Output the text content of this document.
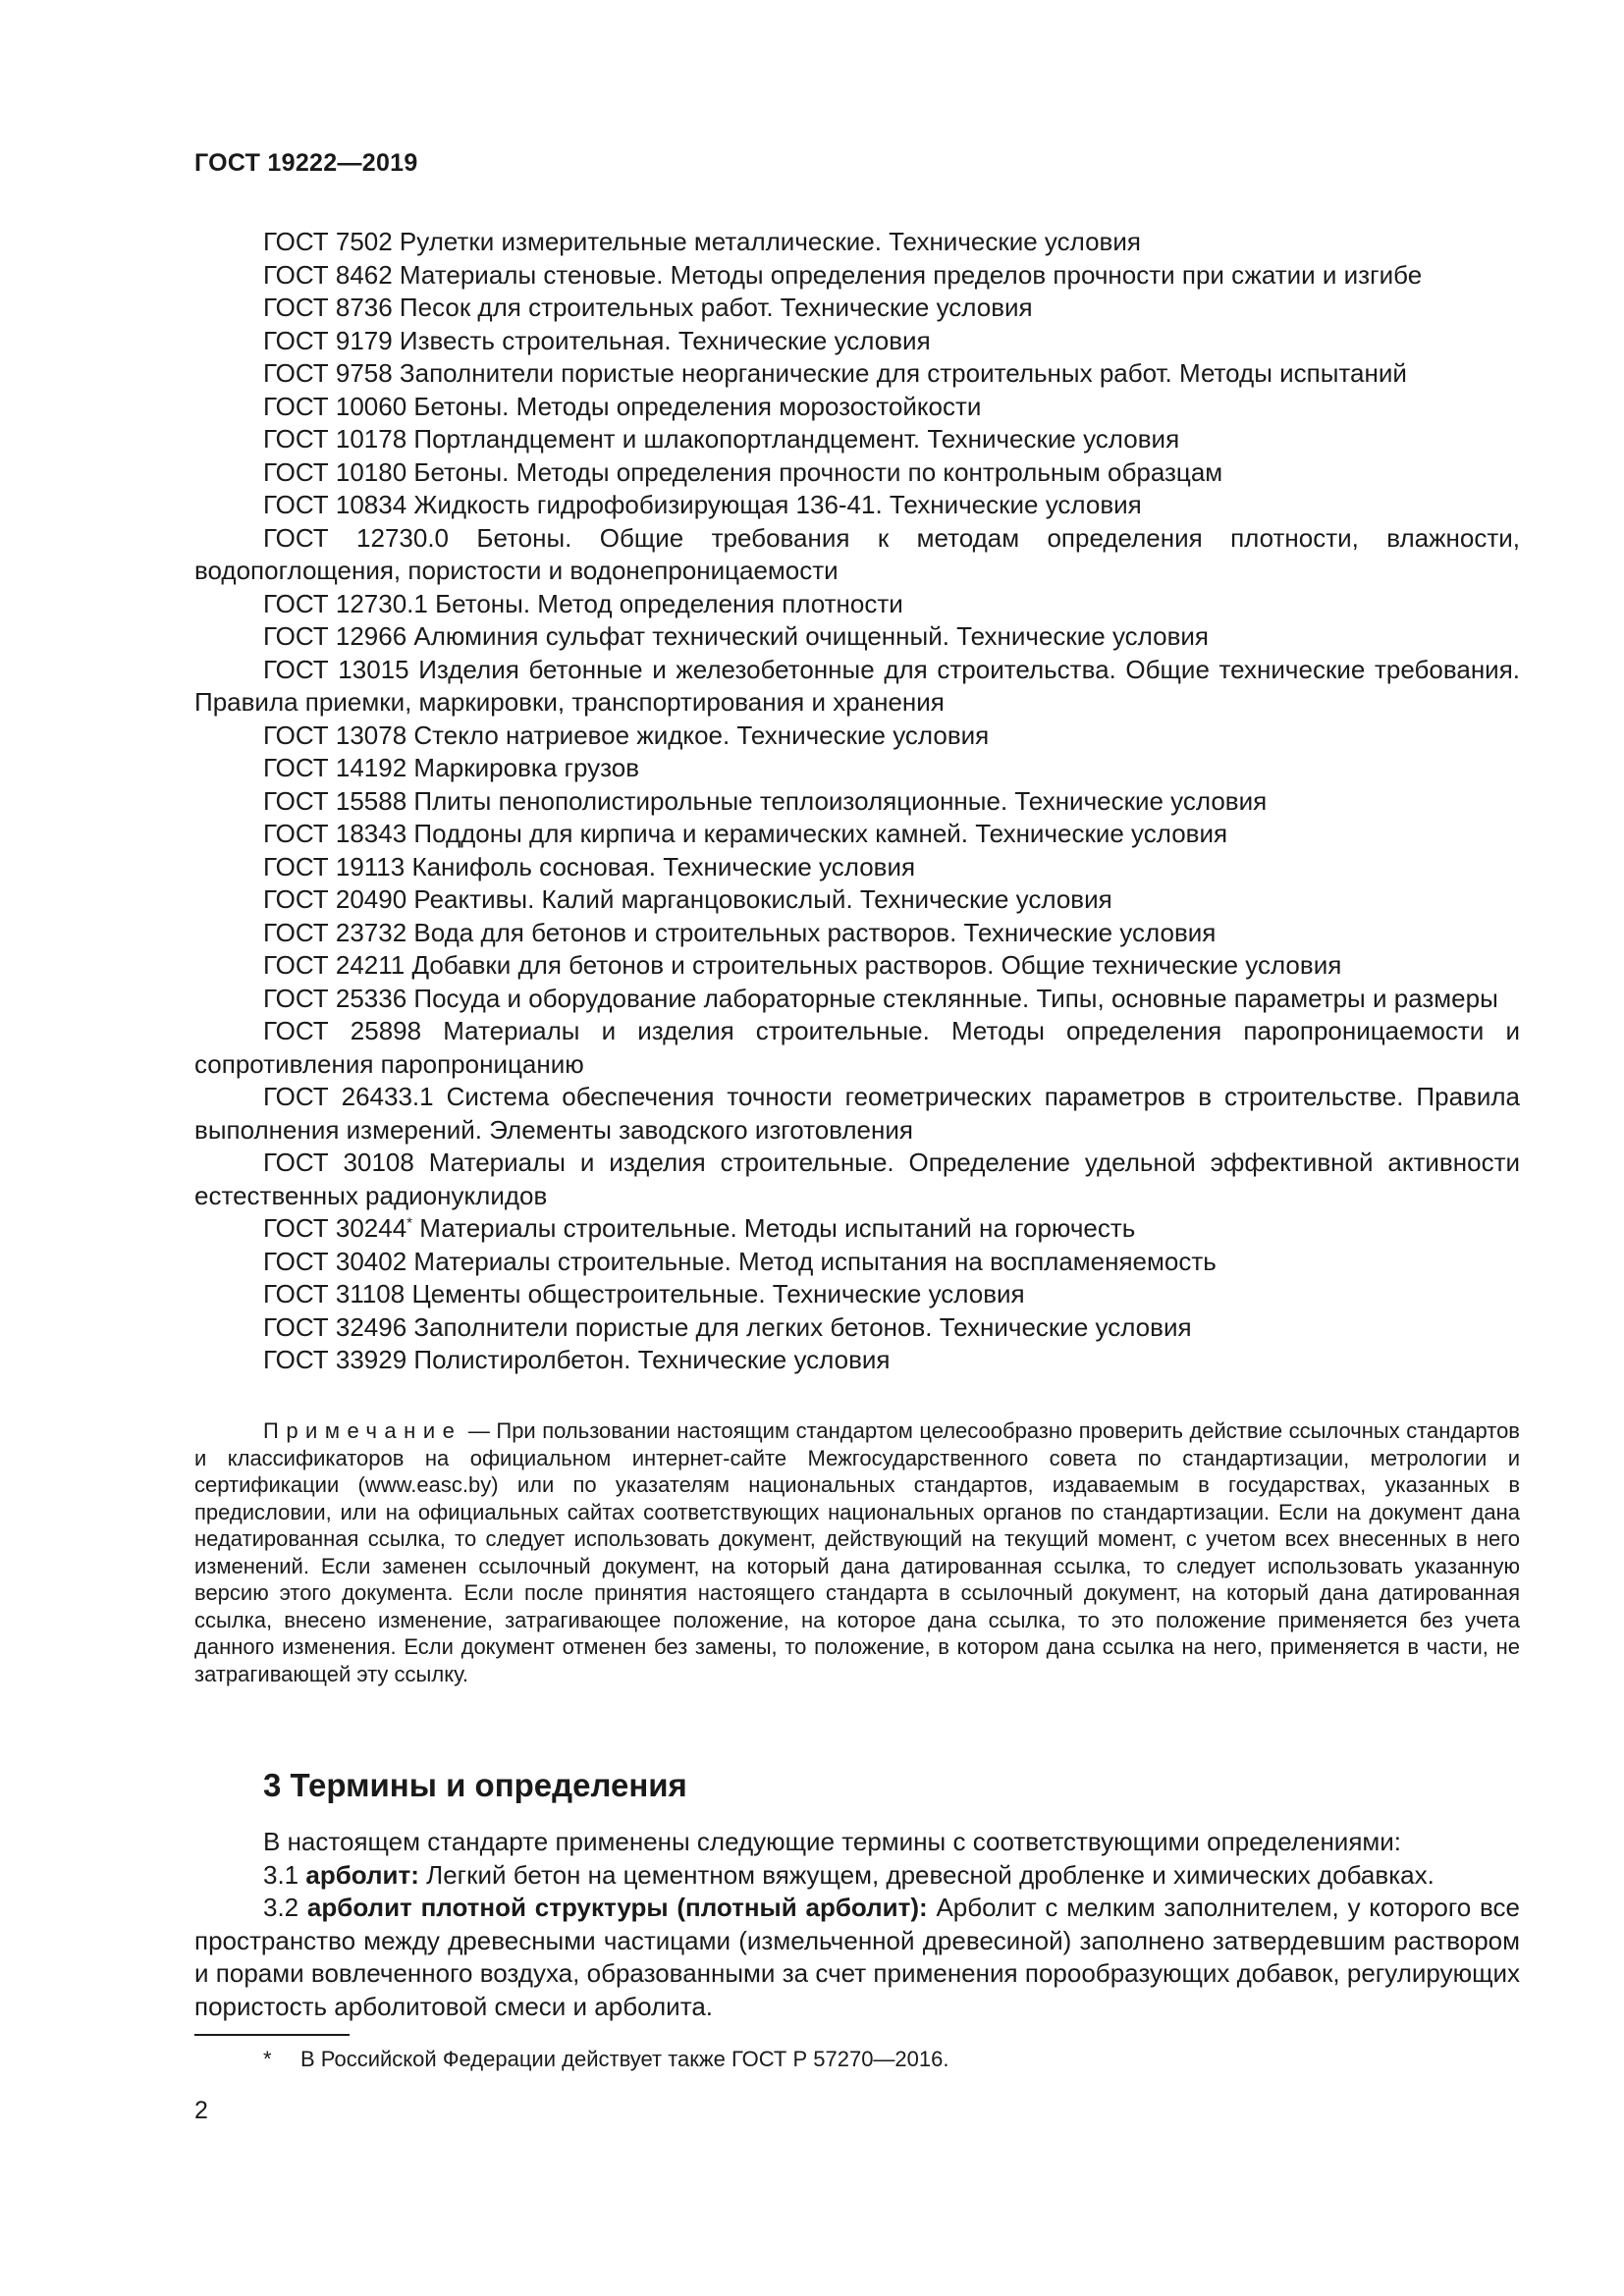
ГОСТ 19222—2019
ГОСТ 7502 Рулетки измерительные металлические. Технические условия
ГОСТ 8462 Материалы стеновые. Методы определения пределов прочности при сжатии и изгибе
ГОСТ 8736 Песок для строительных работ. Технические условия
ГОСТ 9179 Известь строительная. Технические условия
ГОСТ 9758 Заполнители пористые неорганические для строительных работ. Методы испытаний
ГОСТ 10060 Бетоны. Методы определения морозостойкости
ГОСТ 10178 Портландцемент и шлакопортландцемент. Технические условия
ГОСТ 10180 Бетоны. Методы определения прочности по контрольным образцам
ГОСТ 10834 Жидкость гидрофобизирующая 136-41. Технические условия
ГОСТ 12730.0 Бетоны. Общие требования к методам определения плотности, влажности, водопоглощения, пористости и водонепроницаемости
ГОСТ 12730.1 Бетоны. Метод определения плотности
ГОСТ 12966 Алюминия сульфат технический очищенный. Технические условия
ГОСТ 13015 Изделия бетонные и железобетонные для строительства. Общие технические требования. Правила приемки, маркировки, транспортирования и хранения
ГОСТ 13078 Стекло натриевое жидкое. Технические условия
ГОСТ 14192 Маркировка грузов
ГОСТ 15588 Плиты пенополистирольные теплоизоляционные. Технические условия
ГОСТ 18343 Поддоны для кирпича и керамических камней. Технические условия
ГОСТ 19113 Канифоль сосновая. Технические условия
ГОСТ 20490 Реактивы. Калий марганцовокислый. Технические условия
ГОСТ 23732 Вода для бетонов и строительных растворов. Технические условия
ГОСТ 24211 Добавки для бетонов и строительных растворов. Общие технические условия
ГОСТ 25336 Посуда и оборудование лабораторные стеклянные. Типы, основные параметры и размеры
ГОСТ 25898 Материалы и изделия строительные. Методы определения паропроницаемости и сопротивления паропроницанию
ГОСТ 26433.1 Система обеспечения точности геометрических параметров в строительстве. Правила выполнения измерений. Элементы заводского изготовления
ГОСТ 30108 Материалы и изделия строительные. Определение удельной эффективной активности естественных радионуклидов
ГОСТ 30244* Материалы строительные. Методы испытаний на горючесть
ГОСТ 30402 Материалы строительные. Метод испытания на воспламеняемость
ГОСТ 31108 Цементы общестроительные. Технические условия
ГОСТ 32496 Заполнители пористые для легких бетонов. Технические условия
ГОСТ 33929 Полистиролбетон. Технические условия
Примечание — При пользовании настоящим стандартом целесообразно проверить действие ссылочных стандартов и классификаторов на официальном интернет-сайте Межгосударственного совета по стандартизации, метрологии и сертификации (www.easc.by) или по указателям национальных стандартов, издаваемым в государствах, указанных в предисловии, или на официальных сайтах соответствующих национальных органов по стандартизации. Если на документ дана недатированная ссылка, то следует использовать документ, действующий на текущий момент, с учетом всех внесенных в него изменений. Если заменен ссылочный документ, на который дана датированная ссылка, то следует использовать указанную версию этого документа. Если после принятия настоящего стандарта в ссылочный документ, на который дана датированная ссылка, внесено изменение, затрагивающее положение, на которое дана ссылка, то это положение применяется без учета данного изменения. Если документ отменен без замены, то положение, в котором дана ссылка на него, применяется в части, не затрагивающей эту ссылку.
3 Термины и определения

В настоящем стандарте применены следующие термины с соответствующими определениями:

3.1 арболит: Легкий бетон на цементном вяжущем, древесной дробленке и химических добавках.

3.2 арболит плотной структуры (плотный арболит): Арболит с мелким заполнителем, у которого все пространство между древесными частицами (измельченной древесиной) заполнено затвердевшим раствором и порами вовлеченного воздуха, образованными за счет применения порообразующих добавок, регулирующих пористость арболитовой смеси и арболита.

* В Российской Федерации действует также ГОСТ Р 57270—2016.
2
